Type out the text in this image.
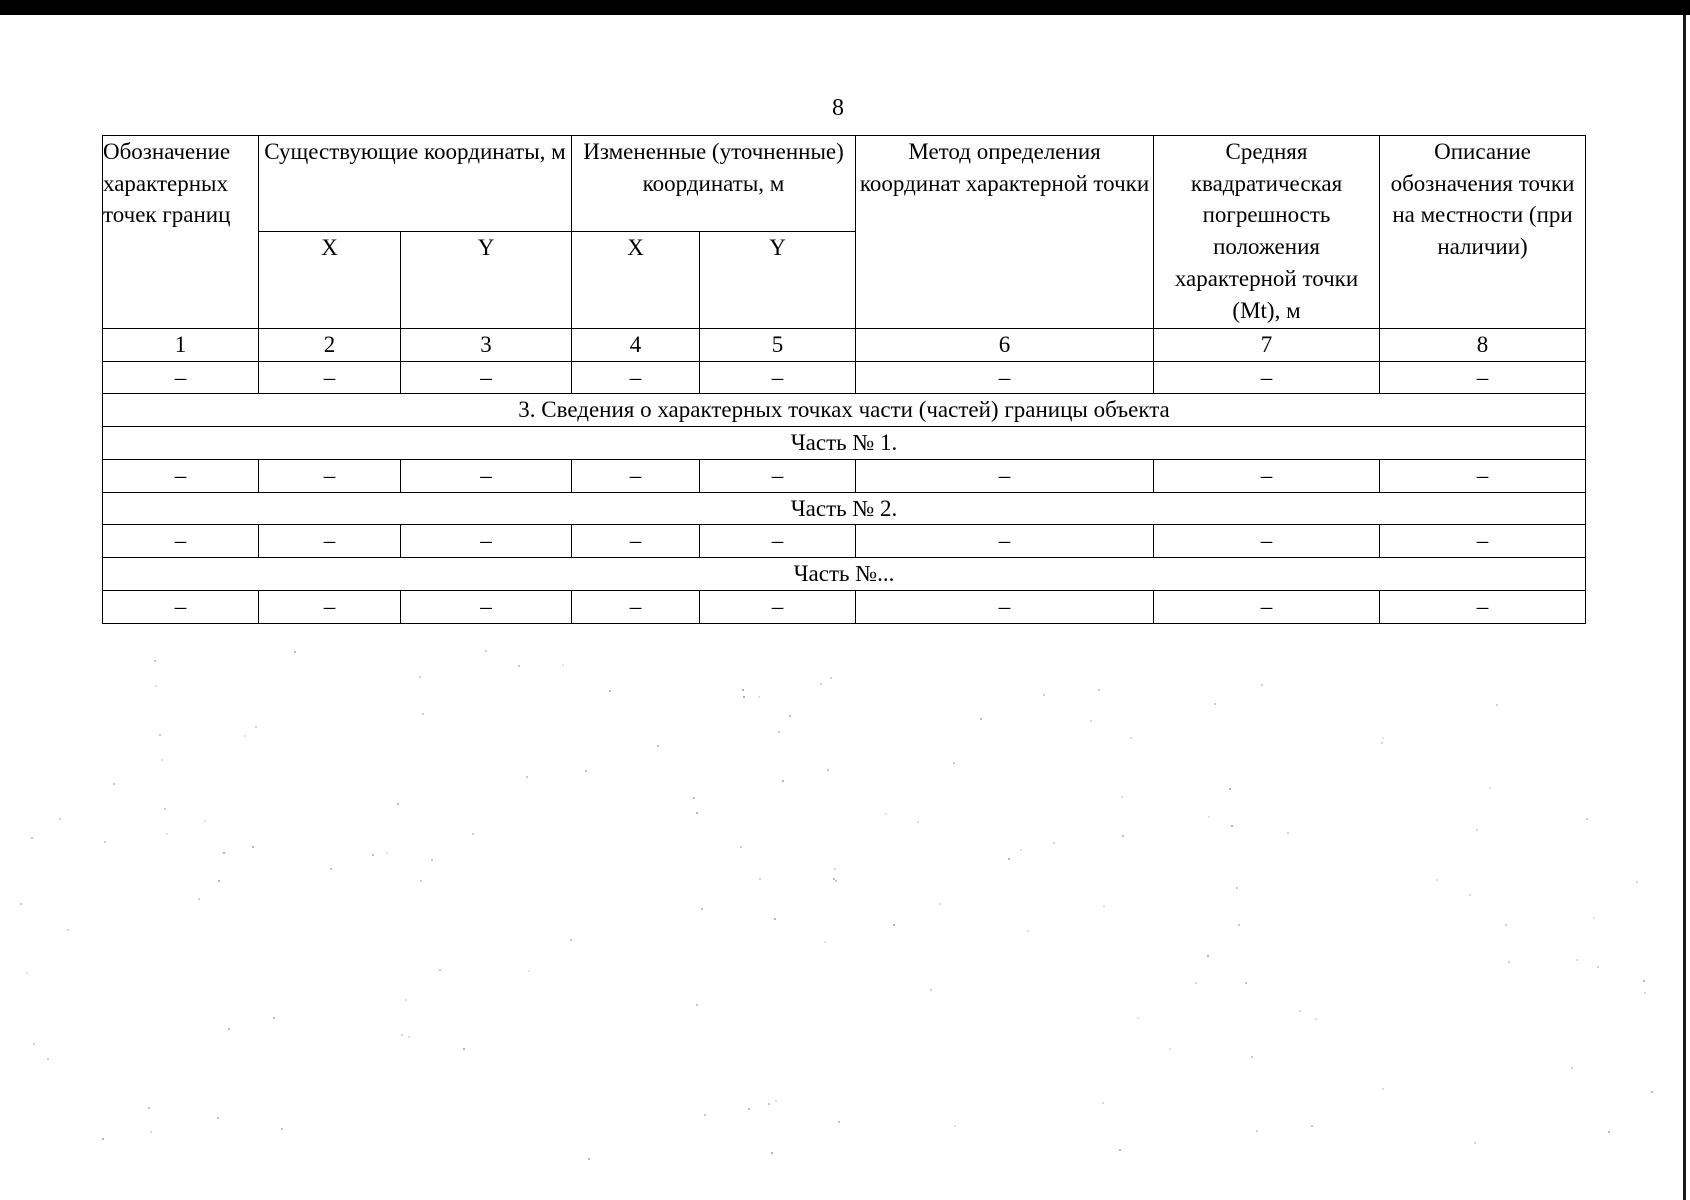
8
Обозначение характерных точек границ	Существующие координаты, м		Измененные (уточненные) координаты, м		Метод определения координат характерной точки	Средняя квадратическая погрешность положения характерной точки (Mt), м	Описание обозначения точки на местности (при наличии)
	X	Y	X	Y			
1	2	3	4	5	6	7	8
–	–	–	–	–	–	–	–
3. Сведения о характерных точках части (частей) границы объекта							
Часть № 1.							
–	–	–	–	–	–	–	–
Часть № 2.							
–	–	–	–	–	–	–	–
Часть №...							
–	–	–	–	–	–	–	–
